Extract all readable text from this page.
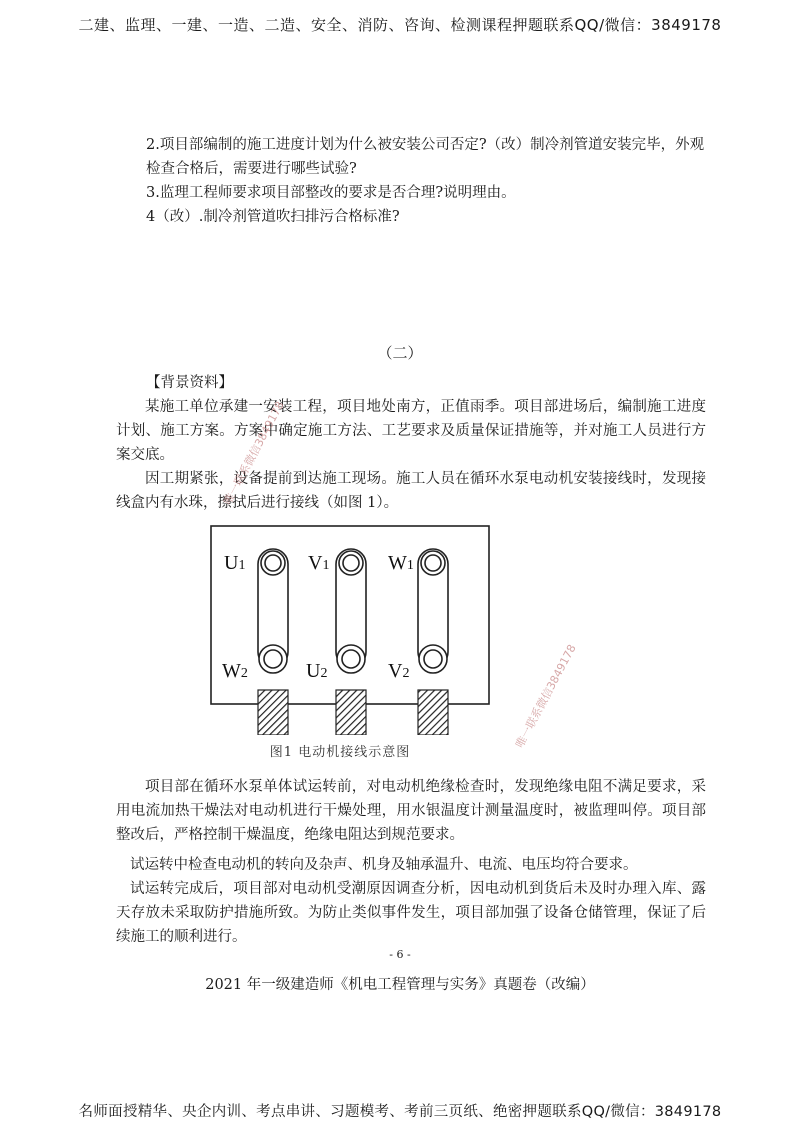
二建、监理、一建、一造、二造、安全、消防、咨询、检测课程押题联系QQ/微信：3849178

2.项目部编制的施工进度计划为什么被安装公司否定?（改）制冷剂管道安装完毕，外观检查合格后，需要进行哪些试验?

3.监理工程师要求项目部整改的要求是否合理?说明理由。

4（改）.制冷剂管道吹扫排污合格标准?

（二）
【背景资料】

某施工单位承建一安装工程，项目地处南方，正值雨季。项目部进场后，编制施工进度计划、施工方案。方案中确定施工方法、工艺要求及质量保证措施等，并对施工人员进行方案交底。

因工期紧张，设备提前到达施工现场。施工人员在循环水泵电动机安装接线时，发现接线盒内有水珠，擦拭后进行接线（如图 1）。

U1	V1	W1
W2	U2	V2
图1 电动机接线示意图

项目部在循环水泵单体试运转前，对电动机绝缘检查时，发现绝缘电阻不满足要求，采用电流加热干燥法对电动机进行干燥处理，用水银温度计测量温度时，被监理叫停。项目部整改后，严格控制干燥温度，绝缘电阻达到规范要求。

试运转中检查电动机的转向及杂声、机身及轴承温升、电流、电压均符合要求。

试运转完成后，项目部对电动机受潮原因调查分析，因电动机到货后未及时办理入库、露天存放未采取防护措施所致。为防止类似事件发生，项目部加强了设备仓储管理，保证了后续施工的顺利进行。

- 6 -
2021 年一级建造师《机电工程管理与实务》真题卷（改编）
唯一联系微信3849178
唯一联系微信3849178
名师面授精华、央企内训、考点串讲、习题模考、考前三页纸、绝密押题联系QQ/微信：3849178
